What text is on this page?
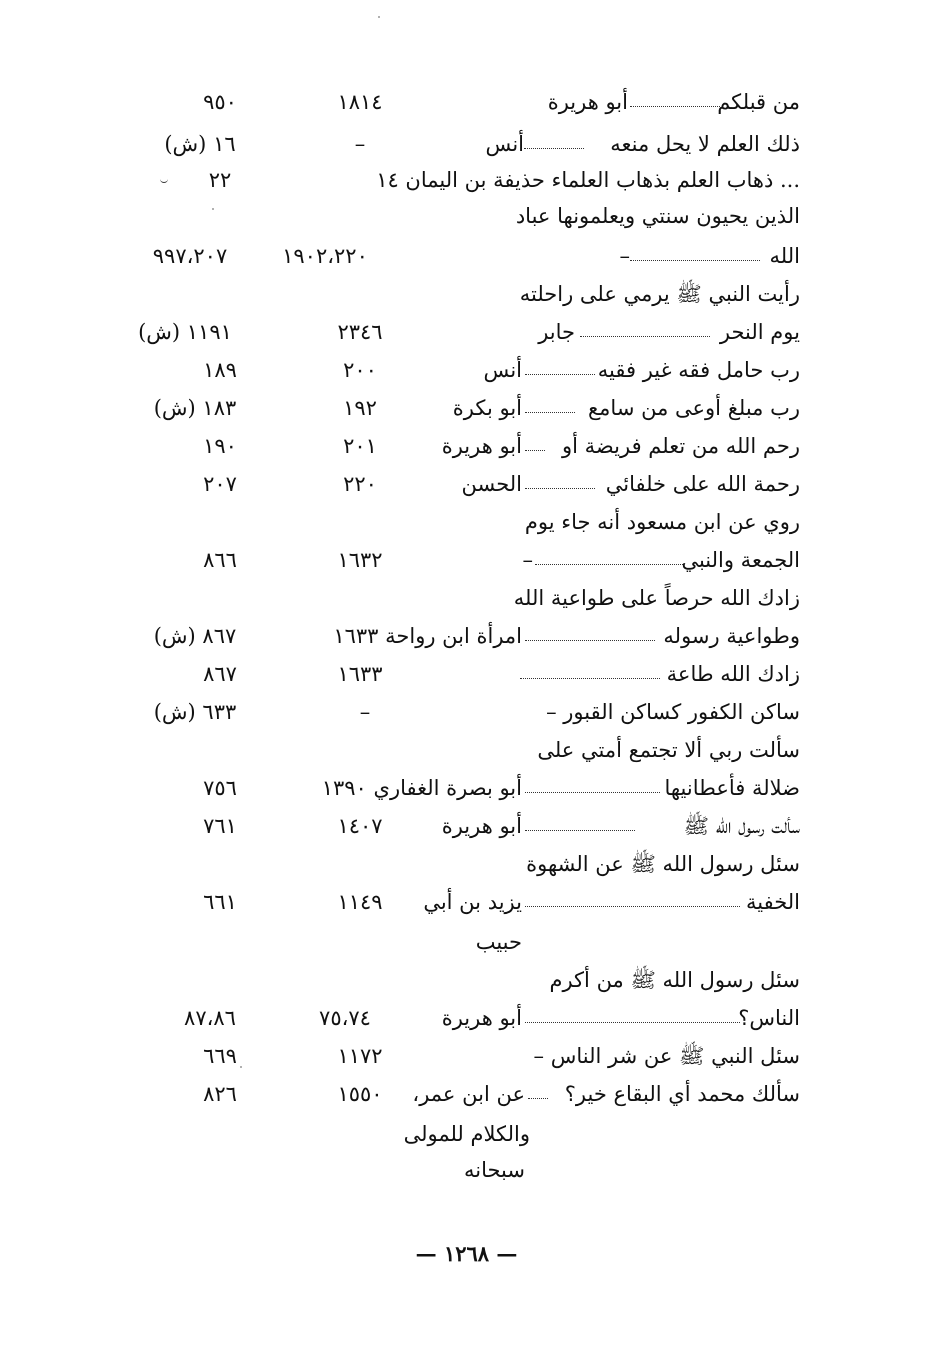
من قبلكم
أبو هريرة
١٨١٤
٩٥٠
ذلك العلم لا يحل منعه
أنس
–
١٦ (ش)
... ذهاب العلم بذهاب العلماء حذيفة بن اليمان ١٤
٢٢
الذين يحيون سنتي ويعلمونها عباد
الله
–
١٩٠٢،٢٢٠
٩٩٧،٢٠٧
رأيت النبي ﷺ يرمي على راحلته
يوم النحر
جابر
٢٣٤٦
١١٩١ (ش)
رب حامل فقه غير فقيه
أنس
٢٠٠
١٨٩
رب مبلغ أوعى من سامع
أبو بكرة
١٩٢
١٨٣ (ش)
رحم الله من تعلم فريضة أو
أبو هريرة
٢٠١
١٩٠
رحمة الله على خلفائي
الحسن
٢٢٠
٢٠٧
روي عن ابن مسعود أنه جاء يوم
الجمعة والنبي
–
١٦٣٢
٨٦٦
زادك الله حرصاً على طواعية الله
وطواعية رسوله
امرأة ابن رواحة ١٦٣٣
٨٦٧ (ش)
زادك الله طاعة
١٦٣٣
٨٦٧
ساكن الكفور كساكن القبور –
–
٦٣٣ (ش)
سألت ربي ألا تجتمع أمتي على
ضلالة فأعطانيها
أبو بصرة الغفاري ١٣٩٠
٧٥٦
سألت رسول الله ﷺ
أبو هريرة
١٤٠٧
٧٦١
سئل رسول الله ﷺ عن الشهوة
الخفية
يزيد بن أبي
١١٤٩
٦٦١
حبيب
سئل رسول الله ﷺ من أكرم
الناس؟
أبو هريرة
٧٥،٧٤
٨٧،٨٦
سئل النبي ﷺ عن شر الناس –
١١٧٢
٦٦٩
سألك محمد أي البقاع خير؟
عن ابن عمر،
١٥٥٠
٨٢٦
والكلام للمولى
سبحانه
— ١٢٦٨ —
